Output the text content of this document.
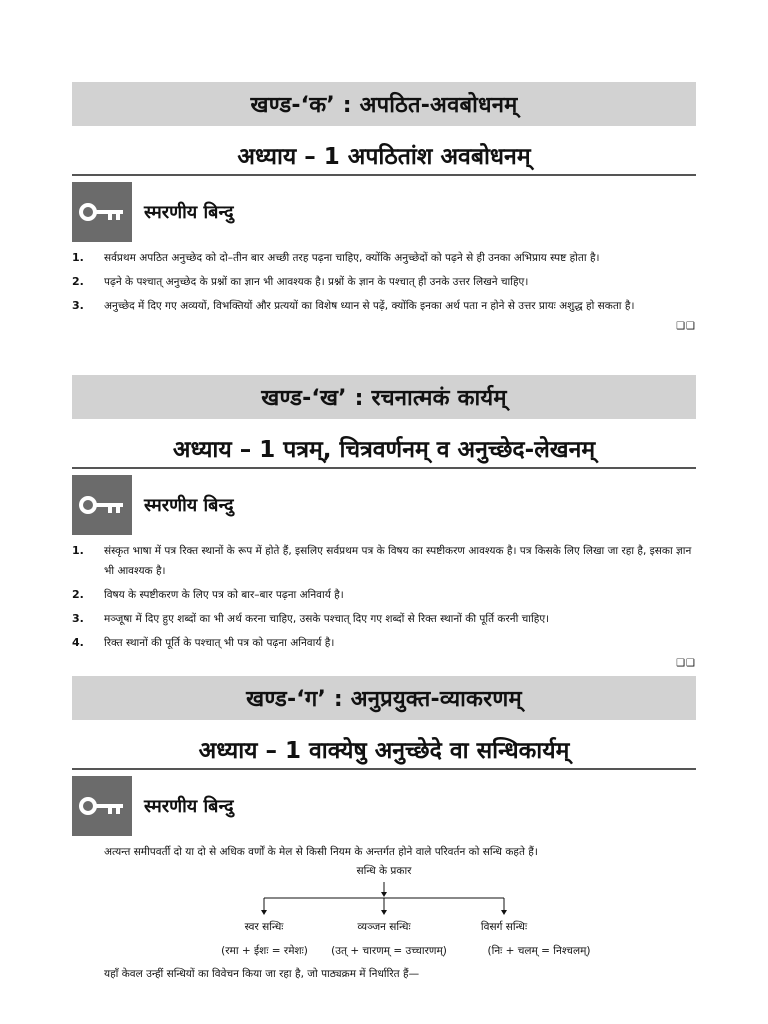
खण्ड-‘क’ : अपठित-अवबोधनम्
अध्याय – 1 अपठितांश अवबोधनम्
स्मरणीय बिन्दु
1. सर्वप्रथम अपठित अनुच्छेद को दो–तीन बार अच्छी तरह पढ़ना चाहिए, क्योंकि अनुच्छेदों को पढ़ने से ही उनका अभिप्राय स्पष्ट होता है।
2. पढ़ने के पश्चात् अनुच्छेद के प्रश्नों का ज्ञान भी आवश्यक है। प्रश्नों के ज्ञान के पश्चात् ही उनके उत्तर लिखने चाहिए।
3. अनुच्छेद में दिए गए अव्ययों, विभक्तियों और प्रत्ययों का विशेष ध्यान से पढ़ें, क्योंकि इनका अर्थ पता न होने से उत्तर प्रायः अशुद्ध हो सकता है।
❑❑
खण्ड-‘ख’ : रचनात्मकं कार्यम्
अध्याय – 1 पत्रम्, चित्रवर्णनम् व अनुच्छेद-लेखनम्
स्मरणीय बिन्दु
1. संस्कृत भाषा में पत्र रिक्त स्थानों के रूप में होते हैं, इसलिए सर्वप्रथम पत्र के विषय का स्पष्टीकरण आवश्यक है। पत्र किसके लिए लिखा जा रहा है, इसका ज्ञान भी आवश्यक है।
2. विषय के स्पष्टीकरण के लिए पत्र को बार–बार पढ़ना अनिवार्य है।
3. मञ्जूषा में दिए हुए शब्दों का भी अर्थ करना चाहिए, उसके पश्चात् दिए गए शब्दों से रिक्त स्थानों की पूर्ति करनी चाहिए।
4. रिक्त स्थानों की पूर्ति के पश्चात् भी पत्र को पढ़ना अनिवार्य है।
❑❑
खण्ड-‘ग’ : अनुप्रयुक्त-व्याकरणम्
अध्याय – 1 वाक्येषु अनुच्छेदे वा सन्धिकार्यम्
स्मरणीय बिन्दु
अत्यन्त समीपवर्ती दो या दो से अधिक वर्णों के मेल से किसी नियम के अन्तर्गत होने वाले परिवर्तन को सन्धि कहते हैं।
सन्धि के प्रकार
स्वर सन्धिः	व्यञ्जन सन्धिः	विसर्ग सन्धिः
(रमा + ईशः = रमेशः)	(उत् + चारणम् = उच्चारणम्)	(निः + चलम् = निश्चलम्)
यहाँ केवल उन्हीं सन्धियों का विवेचन किया जा रहा है, जो पाठ्यक्रम में निर्धारित हैं—
